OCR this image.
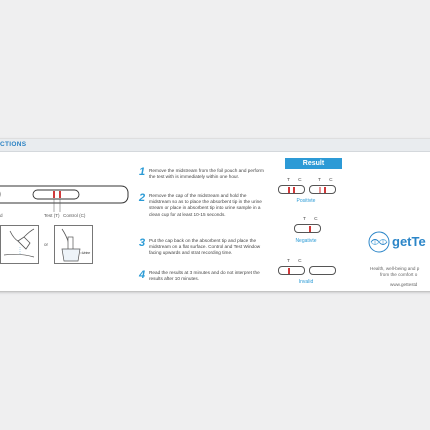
CTIONS
d	Test (T) Control (C)
or
Urine
1 Remove the midstream from the foil pouch and perform the test with is immediately within one hour.
2 Remove the cap of the midstream and hold the midstream so as to place the absorbent tip in the urine stream or place in absorbent tip into urine sample in a clean cup for at least 10-15 seconds.
3 Put the cap back on the absorbent tip and place the midstream on a flat surface. Control and Test Window facing upwards and strat recording time.
4 Read the results at 3 minutes and do not interpret the results after 10 minutes.
Result
T C	T C
Positivte
T C
Negativte
T C
Invalid
getTe
Health, well-being and p
from the comfort o
www.gettestd
